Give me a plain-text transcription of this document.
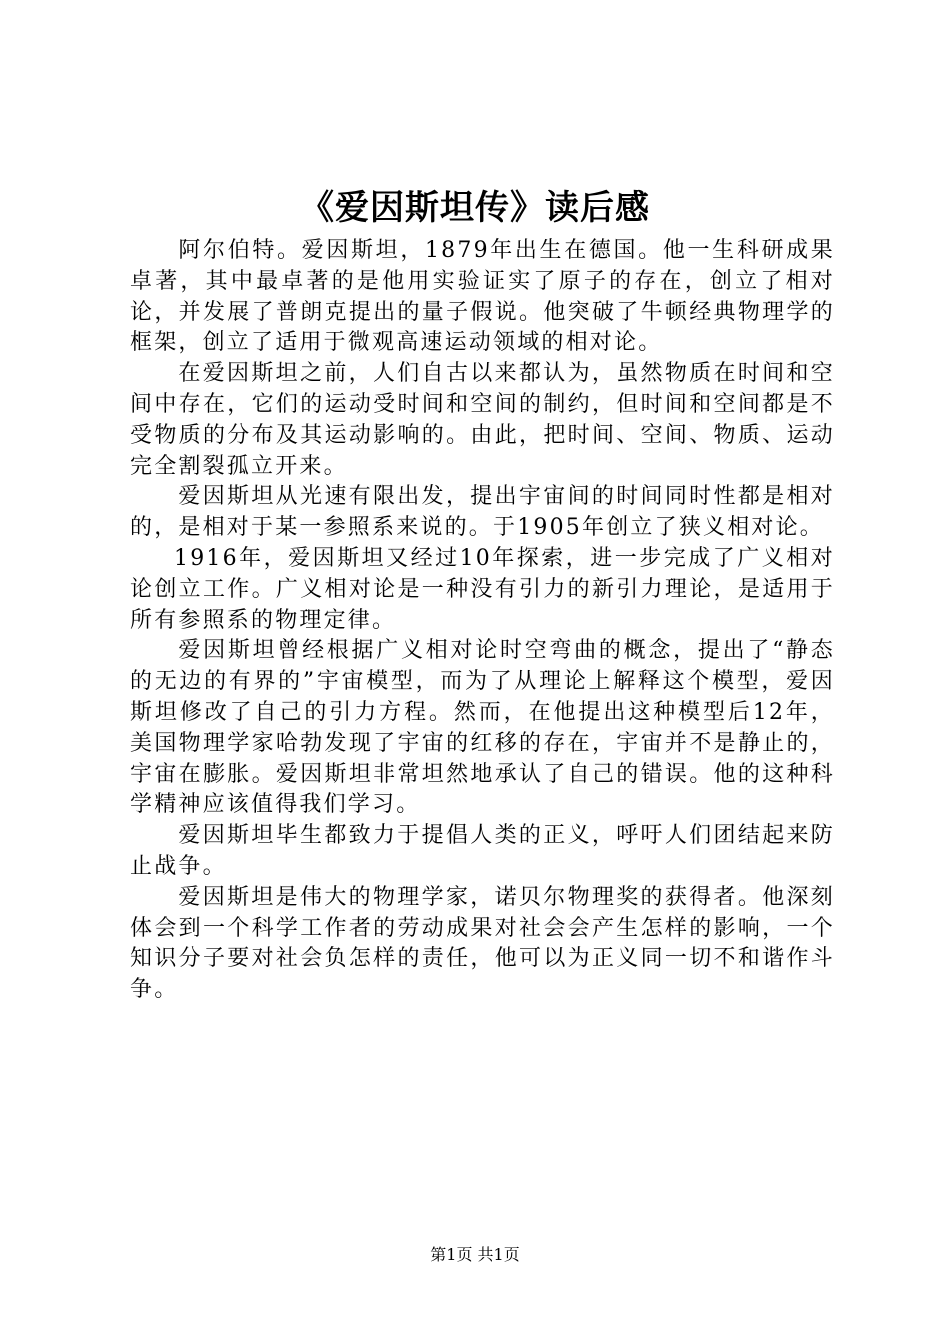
《爱因斯坦传》读后感

阿尔伯特。爱因斯坦，1879年出生在德国。他一生科研成果卓著，其中最卓著的是他用实验证实了原子的存在，创立了相对论，并发展了普朗克提出的量子假说。他突破了牛顿经典物理学的框架，创立了适用于微观高速运动领域的相对论。

在爱因斯坦之前，人们自古以来都认为，虽然物质在时间和空间中存在，它们的运动受时间和空间的制约，但时间和空间都是不受物质的分布及其运动影响的。由此，把时间、空间、物质、运动完全割裂孤立开来。

爱因斯坦从光速有限出发，提出宇宙间的时间同时性都是相对的，是相对于某一参照系来说的。于1905年创立了狭义相对论。

1916年，爱因斯坦又经过10年探索，进一步完成了广义相对论创立工作。广义相对论是一种没有引力的新引力理论，是适用于所有参照系的物理定律。

爱因斯坦曾经根据广义相对论时空弯曲的概念，提出了“静态的无边的有界的”宇宙模型，而为了从理论上解释这个模型，爱因斯坦修改了自己的引力方程。然而，在他提出这种模型后12年，美国物理学家哈勃发现了宇宙的红移的存在，宇宙并不是静止的，宇宙在膨胀。爱因斯坦非常坦然地承认了自己的错误。他的这种科学精神应该值得我们学习。

爱因斯坦毕生都致力于提倡人类的正义，呼吁人们团结起来防止战争。

爱因斯坦是伟大的物理学家，诺贝尔物理奖的获得者。他深刻体会到一个科学工作者的劳动成果对社会会产生怎样的影响，一个知识分子要对社会负怎样的责任，他可以为正义同一切不和谐作斗争。

第1页 共1页
